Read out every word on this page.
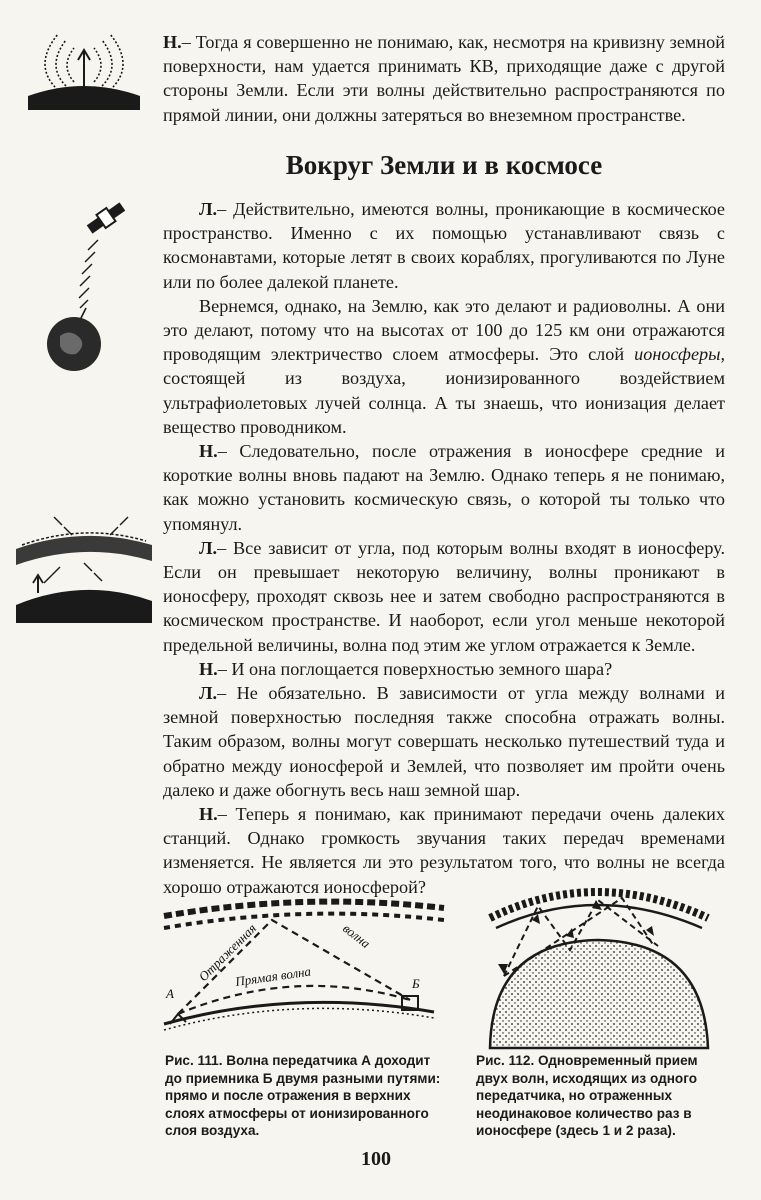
Н.– Тогда я совершенно не понимаю, как, несмотря на кривизну земной поверхности, нам удается принимать КВ, приходящие даже с другой стороны Земли. Если эти волны действительно распространяются по прямой линии, они должны затеряться во внеземном пространстве.

Вокруг Земли и в космосе

Л.– Действительно, имеются волны, проникающие в космическое пространство. Именно с их помощью устанавливают связь с космонавтами, которые летят в своих кораблях, прогуливаются по Луне или по более далекой планете.

Вернемся, однако, на Землю, как это делают и радиоволны. А они это делают, потому что на высотах от 100 до 125 км они отражаются проводящим электричество слоем атмосферы. Это слой ионосферы, состоящей из воздуха, ионизированного воздействием ультрафиолетовых лучей солнца. А ты знаешь, что ионизация делает вещество проводником.

Н.– Следовательно, после отражения в ионосфере средние и короткие волны вновь падают на Землю. Однако теперь я не понимаю, как можно установить космическую связь, о которой ты только что упомянул.

Л.– Все зависит от угла, под которым волны входят в ионосферу. Если он превышает некоторую величину, волны проникают в ионосферу, проходят сквозь нее и затем свободно распространяются в космическом пространстве. И наоборот, если угол меньше некоторой предельной величины, волна под этим же углом отражается к Земле.

Н.– И она поглощается поверхностью земного шара?

Л.– Не обязательно. В зависимости от угла между волнами и земной поверхностью последняя также способна отражать волны. Таким образом, волны могут совершать несколько путешествий туда и обратно между ионосферой и Землей, что позволяет им пройти очень далеко и даже обогнуть весь наш земной шар.

Н.– Теперь я понимаю, как принимают передачи очень далеких станций. Однако громкость звучания таких передач временами изменяется. Не является ли это результатом того, что волны не всегда хорошо отражаются ионосферой?

А
Б
Отраженная	волна
Прямая волна
Рис. 111. Волна передатчика А доходит до приемника Б двумя разными путями: прямо и после отражения в верхних слоях атмосферы от ионизированного слоя воздуха.
Рис. 112. Одновременный прием двух волн, исходящих из одного передатчика, но отраженных неодинаковое количество раз в ионосфере (здесь 1 и 2 раза).
100
